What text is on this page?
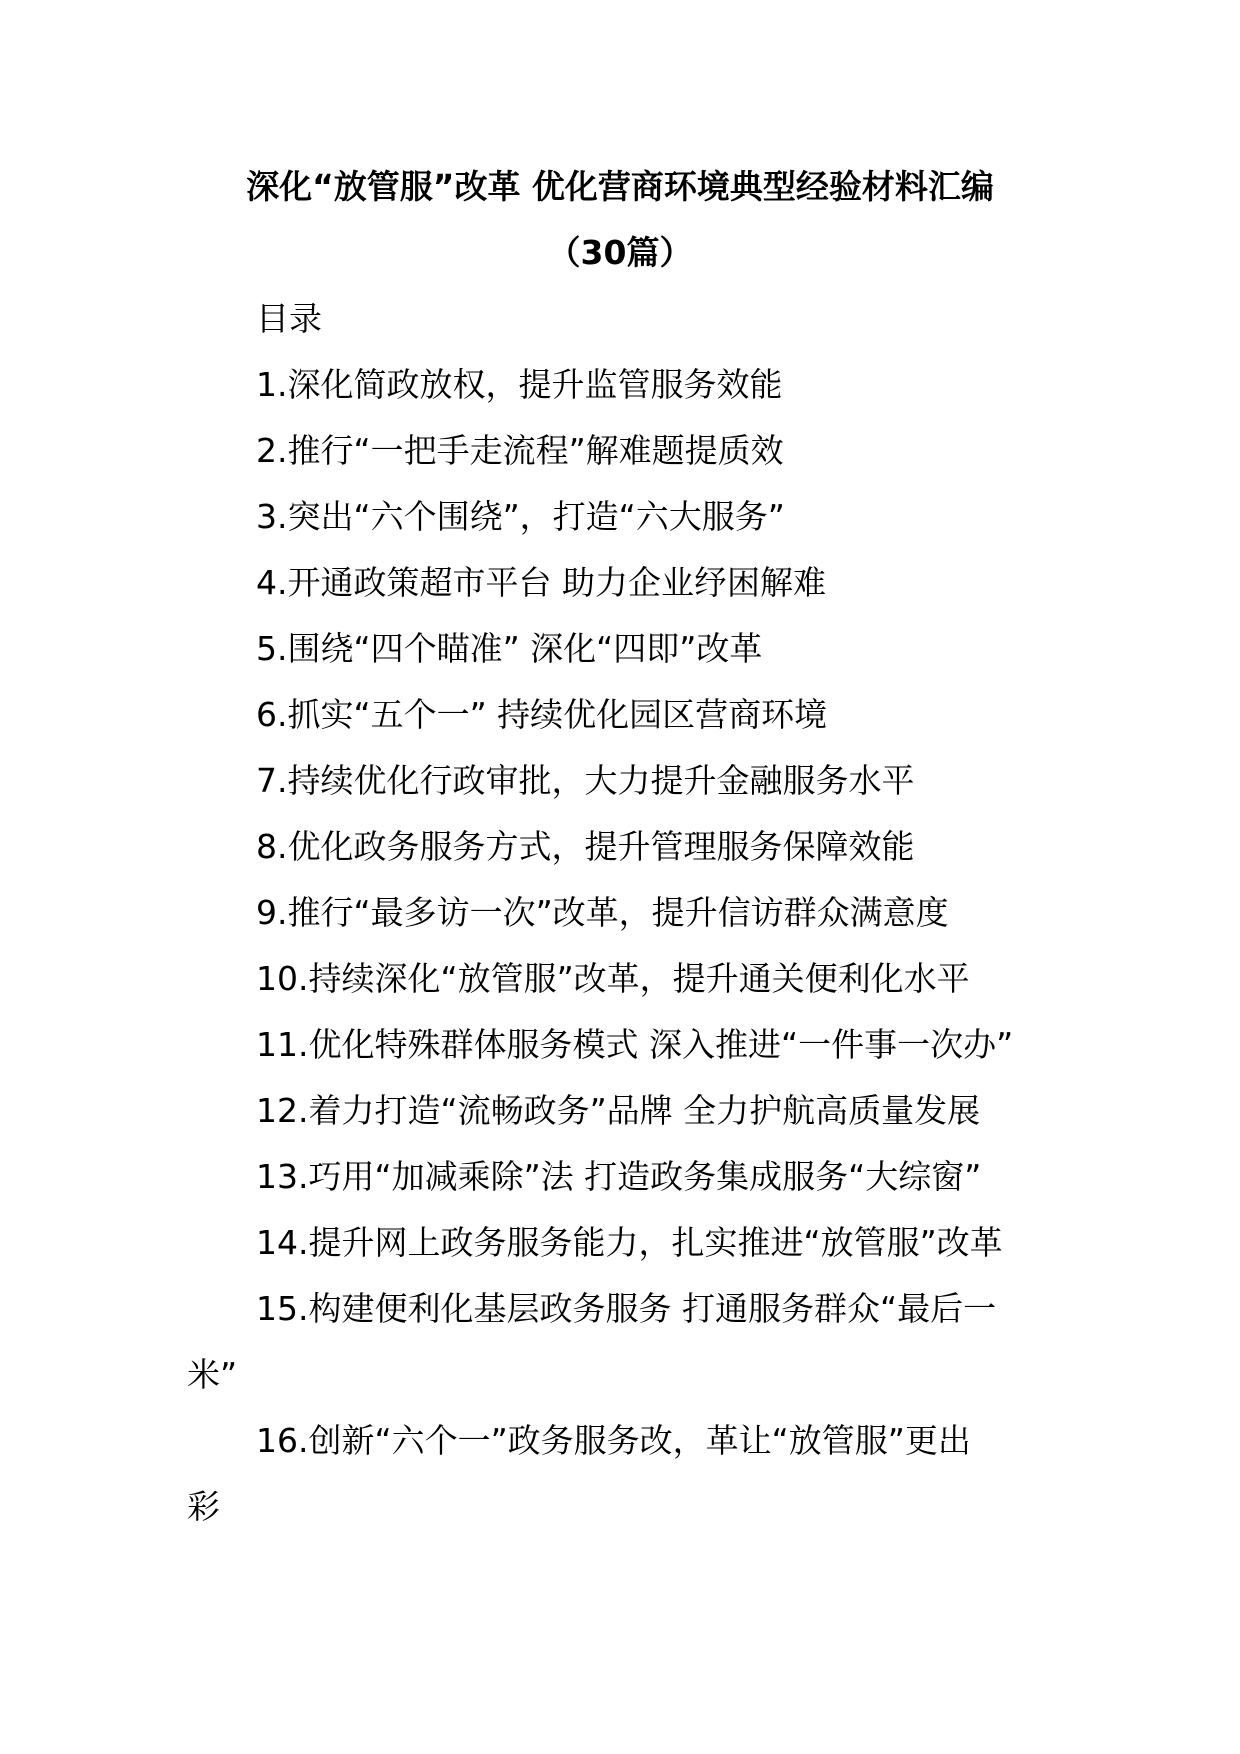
深化“放管服”改革 优化营商环境典型经验材料汇编
（30篇）
目录
1.深化简政放权，提升监管服务效能
2.推行“一把手走流程”解难题提质效
3.突出“六个围绕”，打造“六大服务”
4.开通政策超市平台 助力企业纾困解难
5.围绕“四个瞄准” 深化“四即”改革
6.抓实“五个一” 持续优化园区营商环境
7.持续优化行政审批，大力提升金融服务水平
8.优化政务服务方式，提升管理服务保障效能
9.推行“最多访一次”改革，提升信访群众满意度
10.持续深化“放管服”改革，提升通关便利化水平
11.优化特殊群体服务模式 深入推进“一件事一次办”
12.着力打造“流畅政务”品牌 全力护航高质量发展
13.巧用“加减乘除”法 打造政务集成服务“大综窗”
14.提升网上政务服务能力，扎实推进“放管服”改革
15.构建便利化基层政务服务 打通服务群众“最后一
米”
16.创新“六个一”政务服务改，革让“放管服”更出
彩
